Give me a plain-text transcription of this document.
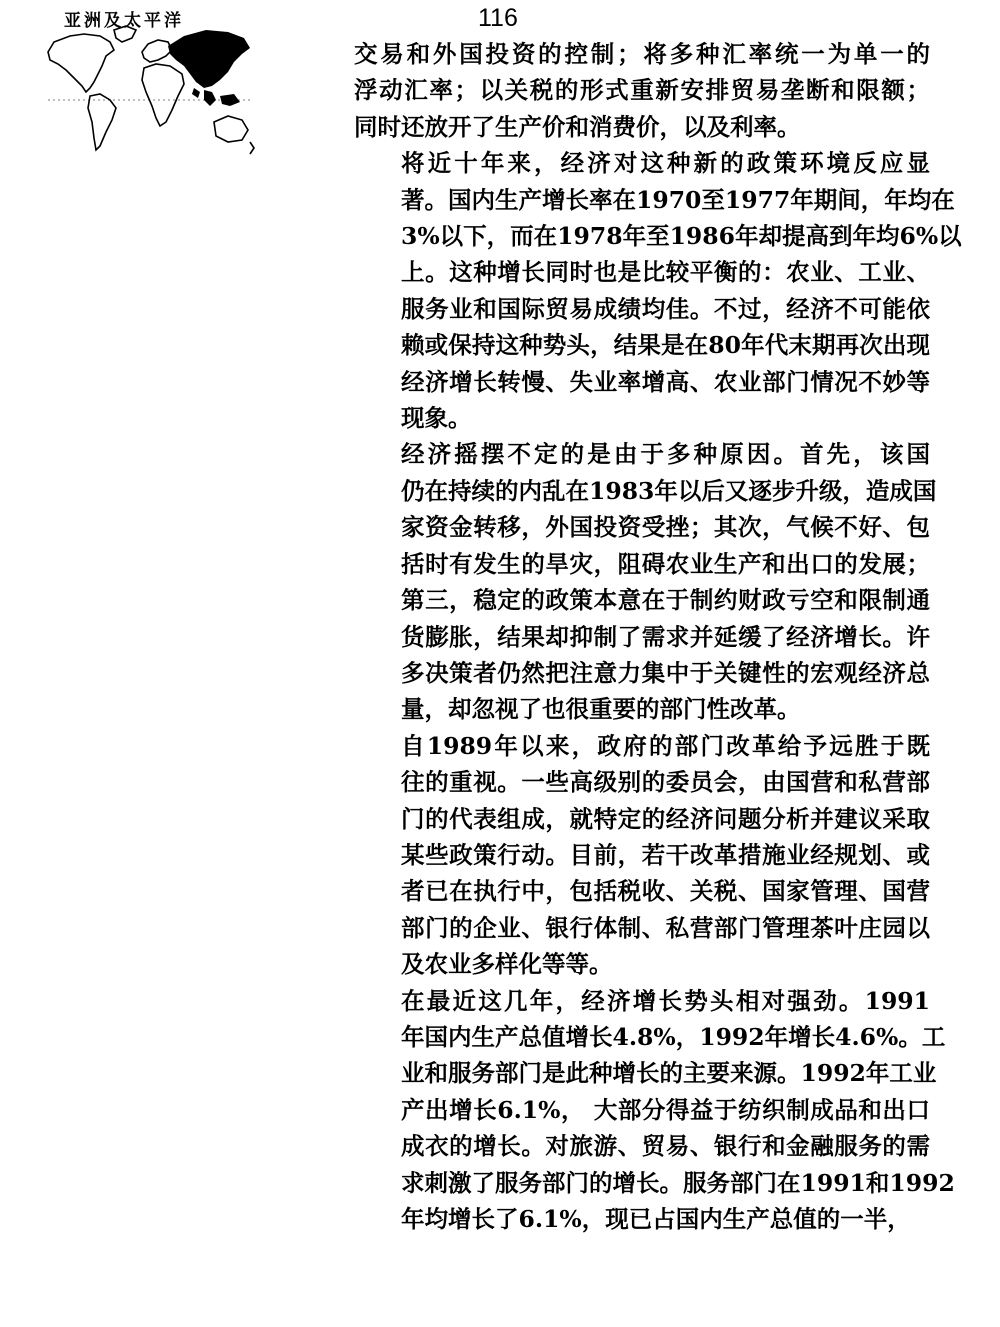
亚洲及太平洋	116

交易和外国投资的控制；将多种汇率统一为单一的
浮动汇率；以关税的形式重新安排贸易垄断和限额；
同时还放开了生产价和消费价，以及利率。

将近十年来，经济对这种新的政策环境反应显
著。国内生产增长率在1970至1977年期间，年均在
3%以下，而在1978年至1986年却提高到年均6%以
上。这种增长同时也是比较平衡的：农业、工业、
服务业和国际贸易成绩均佳。不过，经济不可能依
赖或保持这种势头，结果是在80年代末期再次出现
经济增长转慢、失业率增高、农业部门情况不妙等
现象。

经济摇摆不定的是由于多种原因。首先，该国
仍在持续的内乱在1983年以后又逐步升级，造成国
家资金转移，外国投资受挫；其次，气候不好、包
括时有发生的旱灾，阻碍农业生产和出口的发展；
第三，稳定的政策本意在于制约财政亏空和限制通
货膨胀，结果却抑制了需求并延缓了经济增长。许
多决策者仍然把注意力集中于关键性的宏观经济总
量，却忽视了也很重要的部门性改革。

自1989年以来，政府的部门改革给予远胜于既
往的重视。一些高级别的委员会，由国营和私营部
门的代表组成，就特定的经济问题分析并建议采取
某些政策行动。目前，若干改革措施业经规划、或
者已在执行中，包括税收、关税、国家管理、国营
部门的企业、银行体制、私营部门管理茶叶庄园以
及农业多样化等等。

在最近这几年，经济增长势头相对强劲。1991
年国内生产总值增长4.8%，1992年增长4.6%。工
业和服务部门是此种增长的主要来源。1992年工业
产出增长6.1%， 大部分得益于纺织制成品和出口
成衣的增长。对旅游、贸易、银行和金融服务的需
求刺激了服务部门的增长。服务部门在1991和1992
年均增长了6.1%，现已占国内生产总值的一半，
